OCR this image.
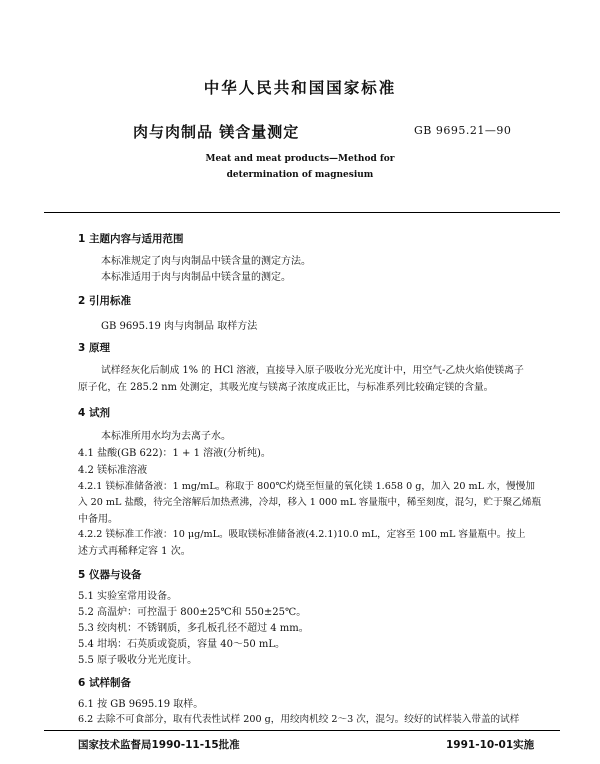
中华人民共和国国家标准
肉与肉制品 镁含量测定	GB 9695.21—90
Meat and meat products—Method for
determination of magnesium
1 主题内容与适用范围
本标准规定了肉与肉制品中镁含量的测定方法。
本标准适用于肉与肉制品中镁含量的测定。
2 引用标准
GB 9695.19 肉与肉制品 取样方法
3 原理
试样经灰化后制成 1% 的 HCl 溶液，直接导入原子吸收分光光度计中，用空气-乙炔火焰使镁离子
原子化，在 285.2 nm 处测定，其吸光度与镁离子浓度成正比，与标准系列比较确定镁的含量。
4 试剂
本标准所用水均为去离子水。
4.1 盐酸(GB 622)：1 + 1 溶液(分析纯)。
4.2 镁标准溶液
4.2.1 镁标准储备液：1 mg/mL。称取于 800℃灼烧至恒量的氧化镁 1.658 0 g，加入 20 mL 水，慢慢加
入 20 mL 盐酸，待完全溶解后加热煮沸，冷却，移入 1 000 mL 容量瓶中，稀至刻度，混匀，贮于聚乙烯瓶
中备用。
4.2.2 镁标准工作液：10 μg/mL。吸取镁标准储备液(4.2.1)10.0 mL，定容至 100 mL 容量瓶中。按上
述方式再稀释定容 1 次。
5 仪器与设备
5.1 实验室常用设备。
5.2 高温炉：可控温于 800±25℃和 550±25℃。
5.3 绞肉机：不锈钢质，多孔板孔径不超过 4 mm。
5.4 坩埚：石英质或瓷质，容量 40～50 mL。
5.5 原子吸收分光光度计。
6 试样制备
6.1 按 GB 9695.19 取样。
6.2 去除不可食部分，取有代表性试样 200 g，用绞肉机绞 2～3 次，混匀。绞好的试样装入带盖的试样
国家技术监督局1990-11-15批准	1991-10-01实施
